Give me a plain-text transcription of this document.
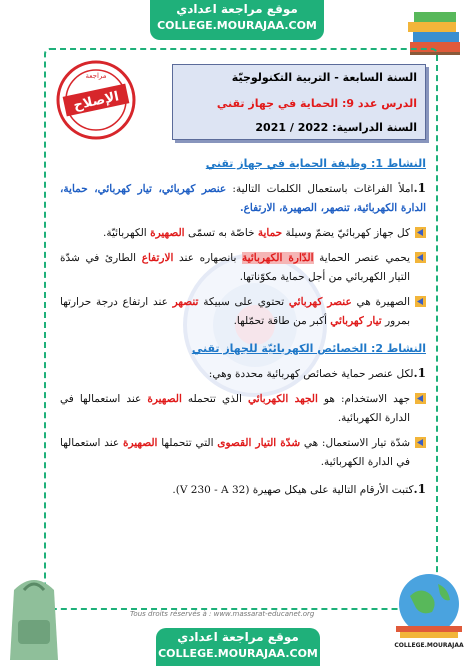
موقع مراجعة اعدادي
COLLEGE.MOURAJAA.COM
الإصلاح
مراجعة	السنة السابعة - التربية التكنولوجيّة
الدرس عدد 9: الحماية في جهاز تقني
السنة الدراسية: 2021 / 2022
النشاط 1: وظيفة الحماية في جهاز تقني
1.املأ الفراغات باستعمال الكلمات التالية: عنصر كهربائي، تيار كهربائي، حماية، الدارة الكهربائية، تنصهر، الصهيرة، الارتفاع.
كل جهاز كهربائيّ يضمّ وسيلة حماية خاصّة به تسمّى الصهيرة الكهربائيّة.
يحمي عنصر الحماية الدّارة الكهربائية بانصهاره عند الارتفاع الطارئ في شدّة التيار الكهربائي من أجل حماية مكوّناتها.
الصهيرة هي عنصر كهربائي تحتوي على سبيكة تنصهر عند ارتفاع درجة حرارتها بمرور تيار كهربائي أكبر من طاقة تحمّلها.
النشاط 2: الخصائص الكهربائيّة للجهاز تقني
1.لكل عنصر حماية خصائص كهربائية محددة وهي:
جهد الاستخدام: هو الجهد الكهربائي الذي تتحمله الصهيرة عند استعمالها في الدارة الكهربائية.
شدّة تيار الاستعمال: هي شدّة التيار القصوى التي تتحملها الصهيرة عند استعمالها في الدارة الكهربائية.
1.كتبت الأرقام التالية على هيكل صهيرة (V 230 - A 32).
Tous droits réservés à : www.massarat-educanet.org
COLLEGE.MOURAJAA
موقع مراجعة اعدادي
COLLEGE.MOURAJAA.COM
